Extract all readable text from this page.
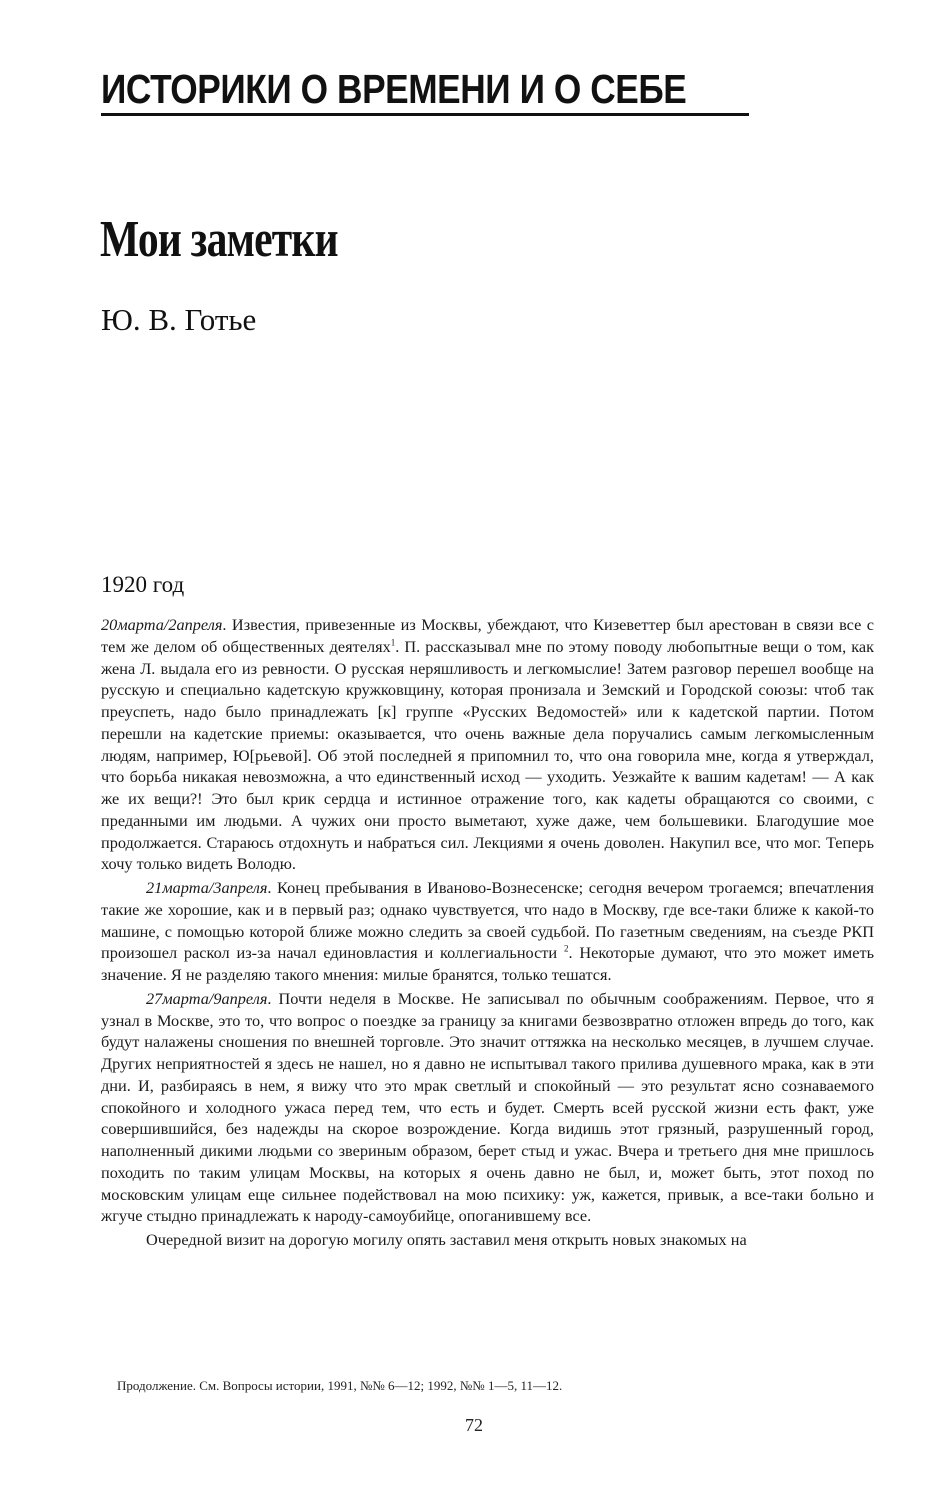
ИСТОРИКИ О ВРЕМЕНИ И О СЕБЕ
Мои заметки
Ю. В. Готье
1920 год

20марта/2апреля. Известия, привезенные из Москвы, убеждают, что Кизеветтер был арестован в связи все с тем же делом об общественных деятелях$^1$. П. рассказывал мне по этому поводу любопытные вещи о том, как жена Л. выдала его из ревности. О русская неряшливость и легкомыслие! Затем разговор перешел вообще на русскую и специально кадетскую кружковщину, которая пронизала и Земский и Городской союзы: чтоб так преуспеть, надо было принадлежать [к] группе «Русских Ведомостей» или к кадетской партии. Потом перешли на кадетские приемы: оказывается, что очень важные дела поручались самым легкомысленным людям, например, Ю[рьевой]. Об этой последней я припомнил то, что она говорила мне, когда я утверждал, что борьба никакая невозможна, а что единственный исход — уходить. Уезжайте к вашим кадетам! — А как же их вещи?! Это был крик сердца и истинное отражение того, как кадеты обращаются со своими, с преданными им людьми. А чужих они просто выметают, хуже даже, чем большевики. Благодушие мое продолжается. Стараюсь отдохнуть и набраться сил. Лекциями я очень доволен. Накупил все, что мог. Теперь хочу только видеть Володю.

21марта/3апреля. Конец пребывания в Иваново-Вознесенске; сегодня вечером трогаемся; впечатления такие же хорошие, как и в первый раз; однако чувствуется, что надо в Москву, где все-таки ближе к какой-то машине, с помощью которой ближе можно следить за своей судьбой. По газетным сведениям, на съезде РКП произошел раскол из-за начал единовластия и коллегиальности $^2$. Некоторые думают, что это может иметь значение. Я не разделяю такого мнения: милые бранятся, только тешатся.

27марта/9апреля. Почти неделя в Москве. Не записывал по обычным соображениям. Первое, что я узнал в Москве, это то, что вопрос о поездке за границу за книгами безвозвратно отложен впредь до того, как будут налажены сношения по внешней торговле. Это значит оттяжка на несколько месяцев, в лучшем случае. Других неприятностей я здесь не нашел, но я давно не испытывал такого прилива душевного мрака, как в эти дни. И, разбираясь в нем, я вижу что это мрак светлый и спокойный — это результат ясно сознаваемого спокойного и холодного ужаса перед тем, что есть и будет. Смерть всей русской жизни есть факт, уже совершившийся, без надежды на скорое возрождение. Когда видишь этот грязный, разрушенный город, наполненный дикими людьми со звериным образом, берет стыд и ужас. Вчера и третьего дня мне пришлось походить по таким улицам Москвы, на которых я очень давно не был, и, может быть, этот поход по московским улицам еще сильнее подействовал на мою психику: уж, кажется, привык, а все-таки больно и жгуче стыдно принадлежать к народу-самоубийце, опоганившему все.

Очередной визит на дорогую могилу опять заставил меня открыть новых знакомых на

Продолжение. См. Вопросы истории, 1991, №№ 6—12; 1992, №№ 1—5, 11—12.

72
